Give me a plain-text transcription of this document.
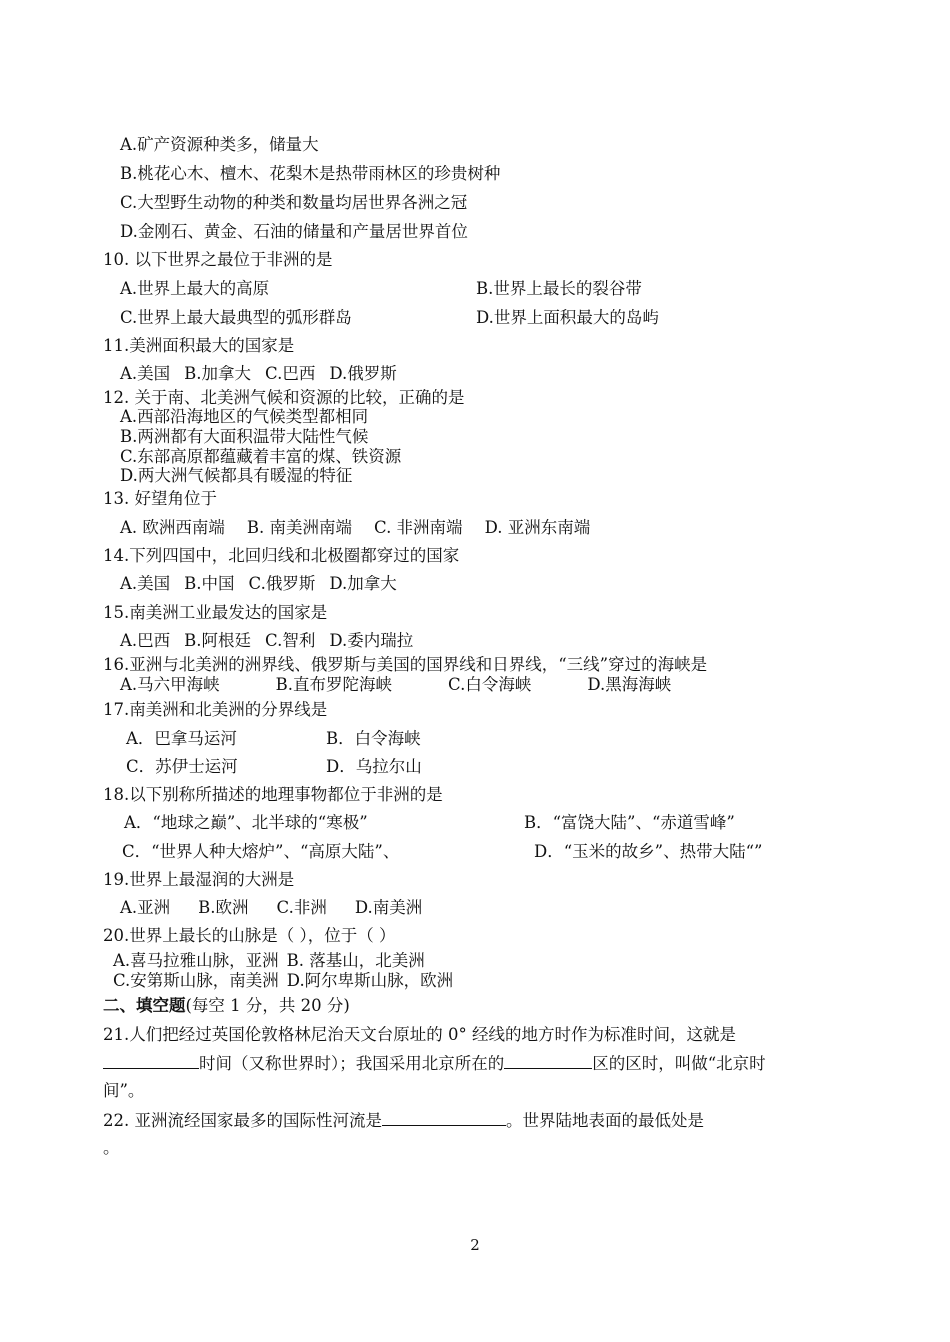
A.矿产资源种类多，储量大
B.桃花心木、檀木、花梨木是热带雨林区的珍贵树种
C.大型野生动物的种类和数量均居世界各洲之冠
D.金刚石、黄金、石油的储量和产量居世界首位
10. 以下世界之最位于非洲的是
A.世界上最大的高原	B.世界上最长的裂谷带
C.世界上最大最典型的弧形群岛	D.世界上面积最大的岛屿
11.美洲面积最大的国家是
A.美国 B.加拿大 C.巴西 D.俄罗斯
12. 关于南、北美洲气候和资源的比较，正确的是
A.西部沿海地区的气候类型都相同
B.两洲都有大面积温带大陆性气候
C.东部高原都蕴藏着丰富的煤、铁资源
D.两大洲气候都具有暖湿的特征
13. 好望角位于
A. 欧洲西南端 B. 南美洲南端 C. 非洲南端 D. 亚洲东南端
14.下列四国中，北回归线和北极圈都穿过的国家
A.美国 B.中国 C.俄罗斯 D.加拿大
15.南美洲工业最发达的国家是
A.巴西 B.阿根廷 C.智利 D.委内瑞拉
16.亚洲与北美洲的洲界线、俄罗斯与美国的国界线和日界线，“三线”穿过的海峡是
A.马六甲海峡	B.直布罗陀海峡	C.白令海峡	D.黑海海峡
17.南美洲和北美洲的分界线是
A．巴拿马运河	B．白令海峡
C．苏伊士运河	D．乌拉尔山
18.以下别称所描述的地理事物都位于非洲的是
A．“地球之巅”、北半球的“寒极”	B．“富饶大陆”、“赤道雪峰”
C．“世界人种大熔炉”、“高原大陆”、	D．“玉米的故乡”、热带大陆“”
19.世界上最湿润的大洲是
A.亚洲 B.欧洲 C.非洲 D.南美洲
20.世界上最长的山脉是（ ），位于（ ）
A.喜马拉雅山脉，亚洲 B. 落基山，北美洲
C.安第斯山脉，南美洲 D.阿尔卑斯山脉，欧洲
二、填空题(每空 1 分，共 20 分)
21.人们把经过英国伦敦格林尼治天文台原址的 0° 经线的地方时作为标准时间，这就是
时间（又称世界时）；我国采用北京所在的	区的区时，叫做“北京时
间”。
22. 亚洲流经国家最多的国际性河流是	。世界陆地表面的最低处是
。
2
